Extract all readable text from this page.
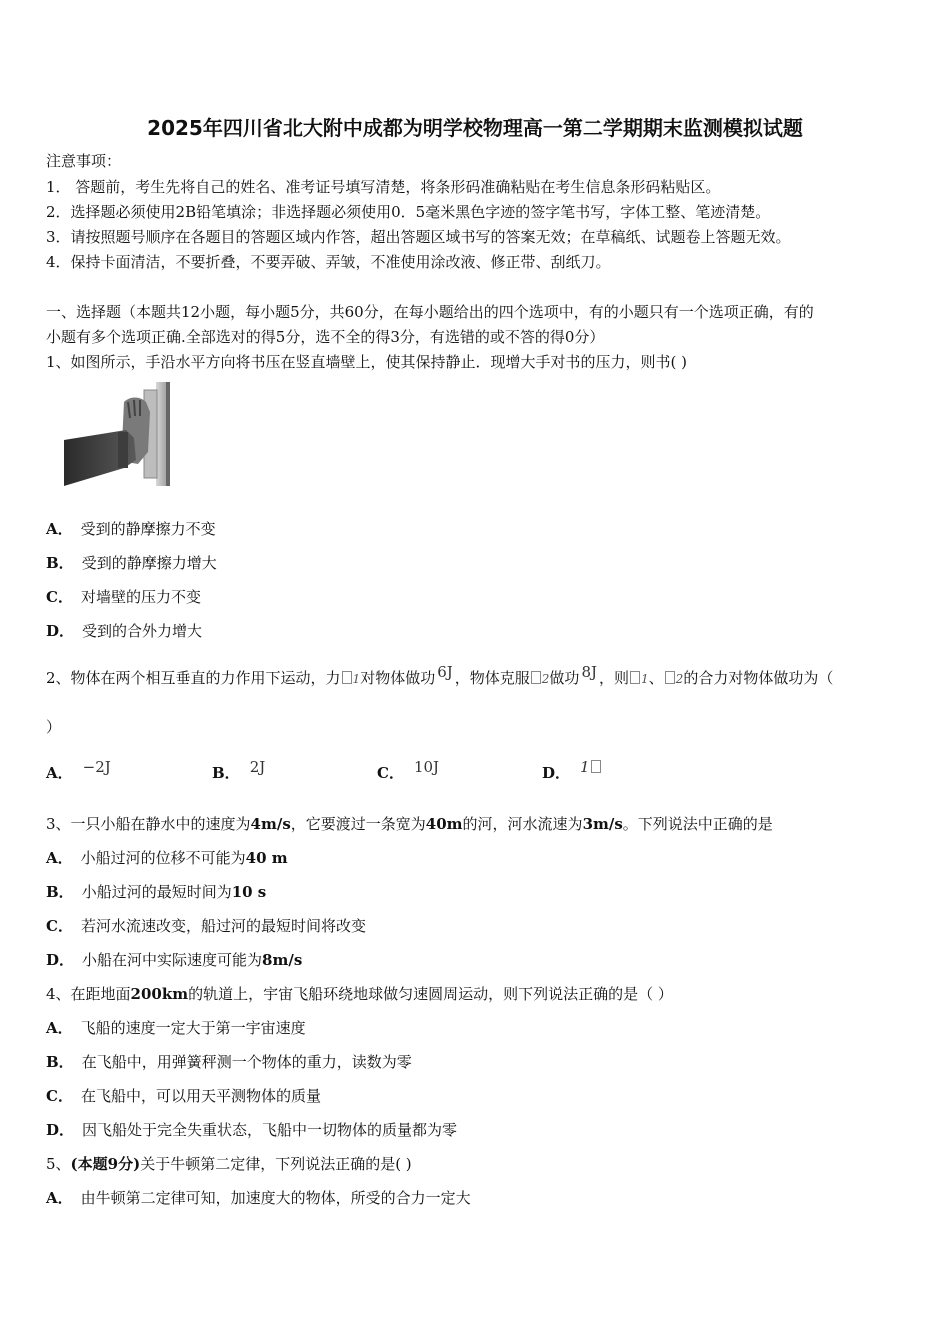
2025年四川省北大附中成都为明学校物理高一第二学期期末监测模拟试题
注意事项：
1． 答题前，考生先将自己的姓名、准考证号填写清楚，将条形码准确粘贴在考生信息条形码粘贴区。
2．选择题必须使用2B铅笔填涂；非选择题必须使用0．5毫米黑色字迹的签字笔书写，字体工整、笔迹清楚。
3．请按照题号顺序在各题目的答题区域内作答，超出答题区域书写的答案无效；在草稿纸、试题卷上答题无效。
4．保持卡面清洁，不要折叠，不要弄破、弄皱，不准使用涂改液、修正带、刮纸刀。
一、选择题（本题共12小题，每小题5分，共60分，在每小题给出的四个选项中，有的小题只有一个选项正确，有的
小题有多个选项正确.全部选对的得5分，选不全的得3分，有选错的或不答的得0分）
1、如图所示，手沿水平方向将书压在竖直墙壁上，使其保持静止．现增大手对书的压力，则书( )
A． 受到的静摩擦力不变
B． 受到的静摩擦力增大
C． 对墙壁的压力不变
D． 受到的合外力增大
2、物体在两个相互垂直的力作用下运动，力 1对物体做功 6J ，物体克服 2做功 8J ，则 1、 2的合力对物体做功为（
）
A． −2J	B． 2J	C． 10J	D． 1
3、一只小船在静水中的速度为4m/s，它要渡过一条宽为40m的河，河水流速为3m/s。下列说法中正确的是
A． 小船过河的位移不可能为40 m
B． 小船过河的最短时间为10 s
C． 若河水流速改变，船过河的最短时间将改变
D． 小船在河中实际速度可能为8m/s
4、在距地面200km的轨道上，宇宙飞船环绕地球做匀速圆周运动，则下列说法正确的是（ ）
A． 飞船的速度一定大于第一宇宙速度
B． 在飞船中，用弹簧秤测一个物体的重力，读数为零
C． 在飞船中，可以用天平测物体的质量
D． 因飞船处于完全失重状态，飞船中一切物体的质量都为零
5、(本题9分)关于牛顿第二定律，下列说法正确的是( )
A． 由牛顿第二定律可知，加速度大的物体，所受的合力一定大
